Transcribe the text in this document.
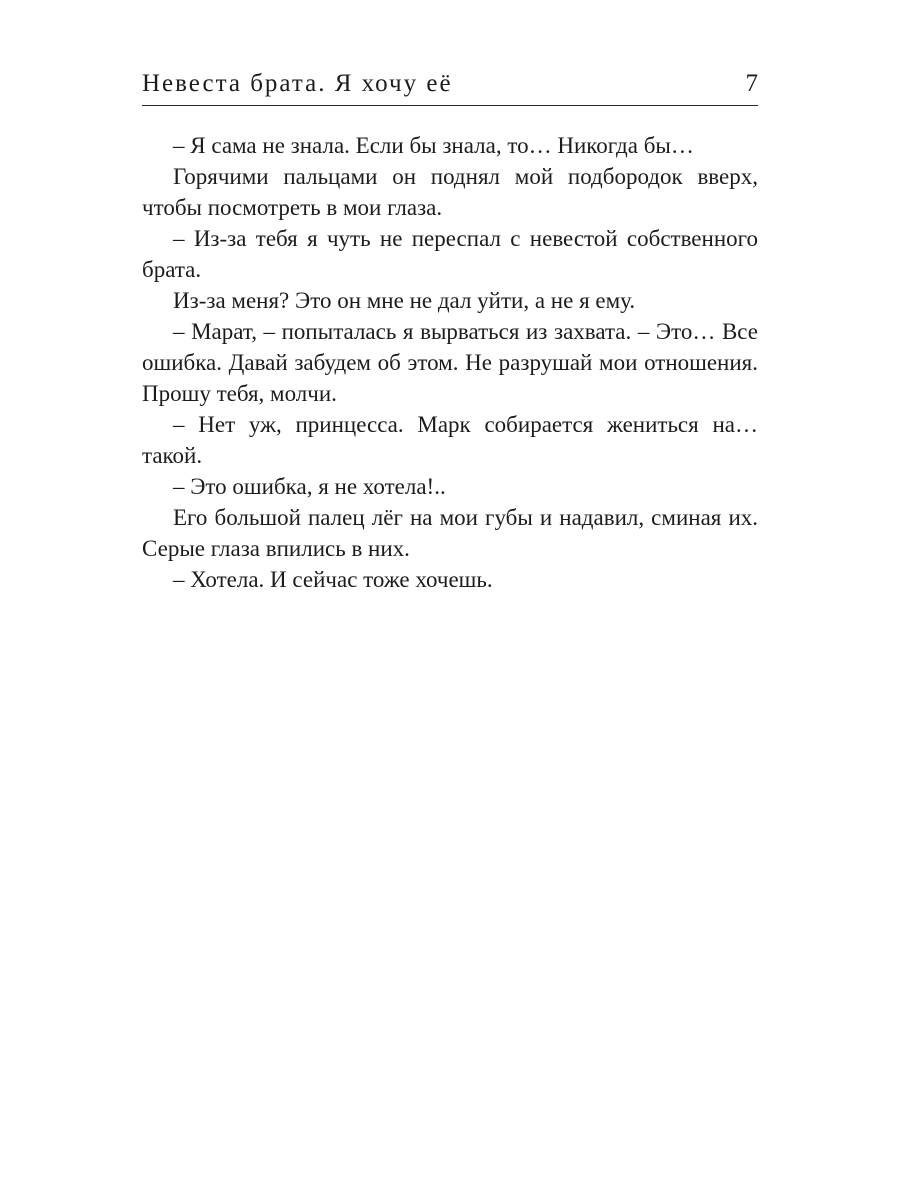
Невеста брата. Я хочу её	7

– Я сама не знала. Если бы знала, то… Никогда бы…

Горячими пальцами он поднял мой подбородок вверх, чтобы посмотреть в мои глаза.

– Из-за тебя я чуть не переспал с невестой собственного брата.

Из-за меня? Это он мне не дал уйти, а не я ему.

– Марат, – попыталась я вырваться из захвата. – Это… Все ошибка. Давай забудем об этом. Не разрушай мои отношения. Прошу тебя, молчи.

– Нет уж, принцесса. Марк собирается жениться на… такой.

– Это ошибка, я не хотела!..

Его большой палец лёг на мои губы и надавил, сминая их. Серые глаза впились в них.

– Хотела. И сейчас тоже хочешь.
